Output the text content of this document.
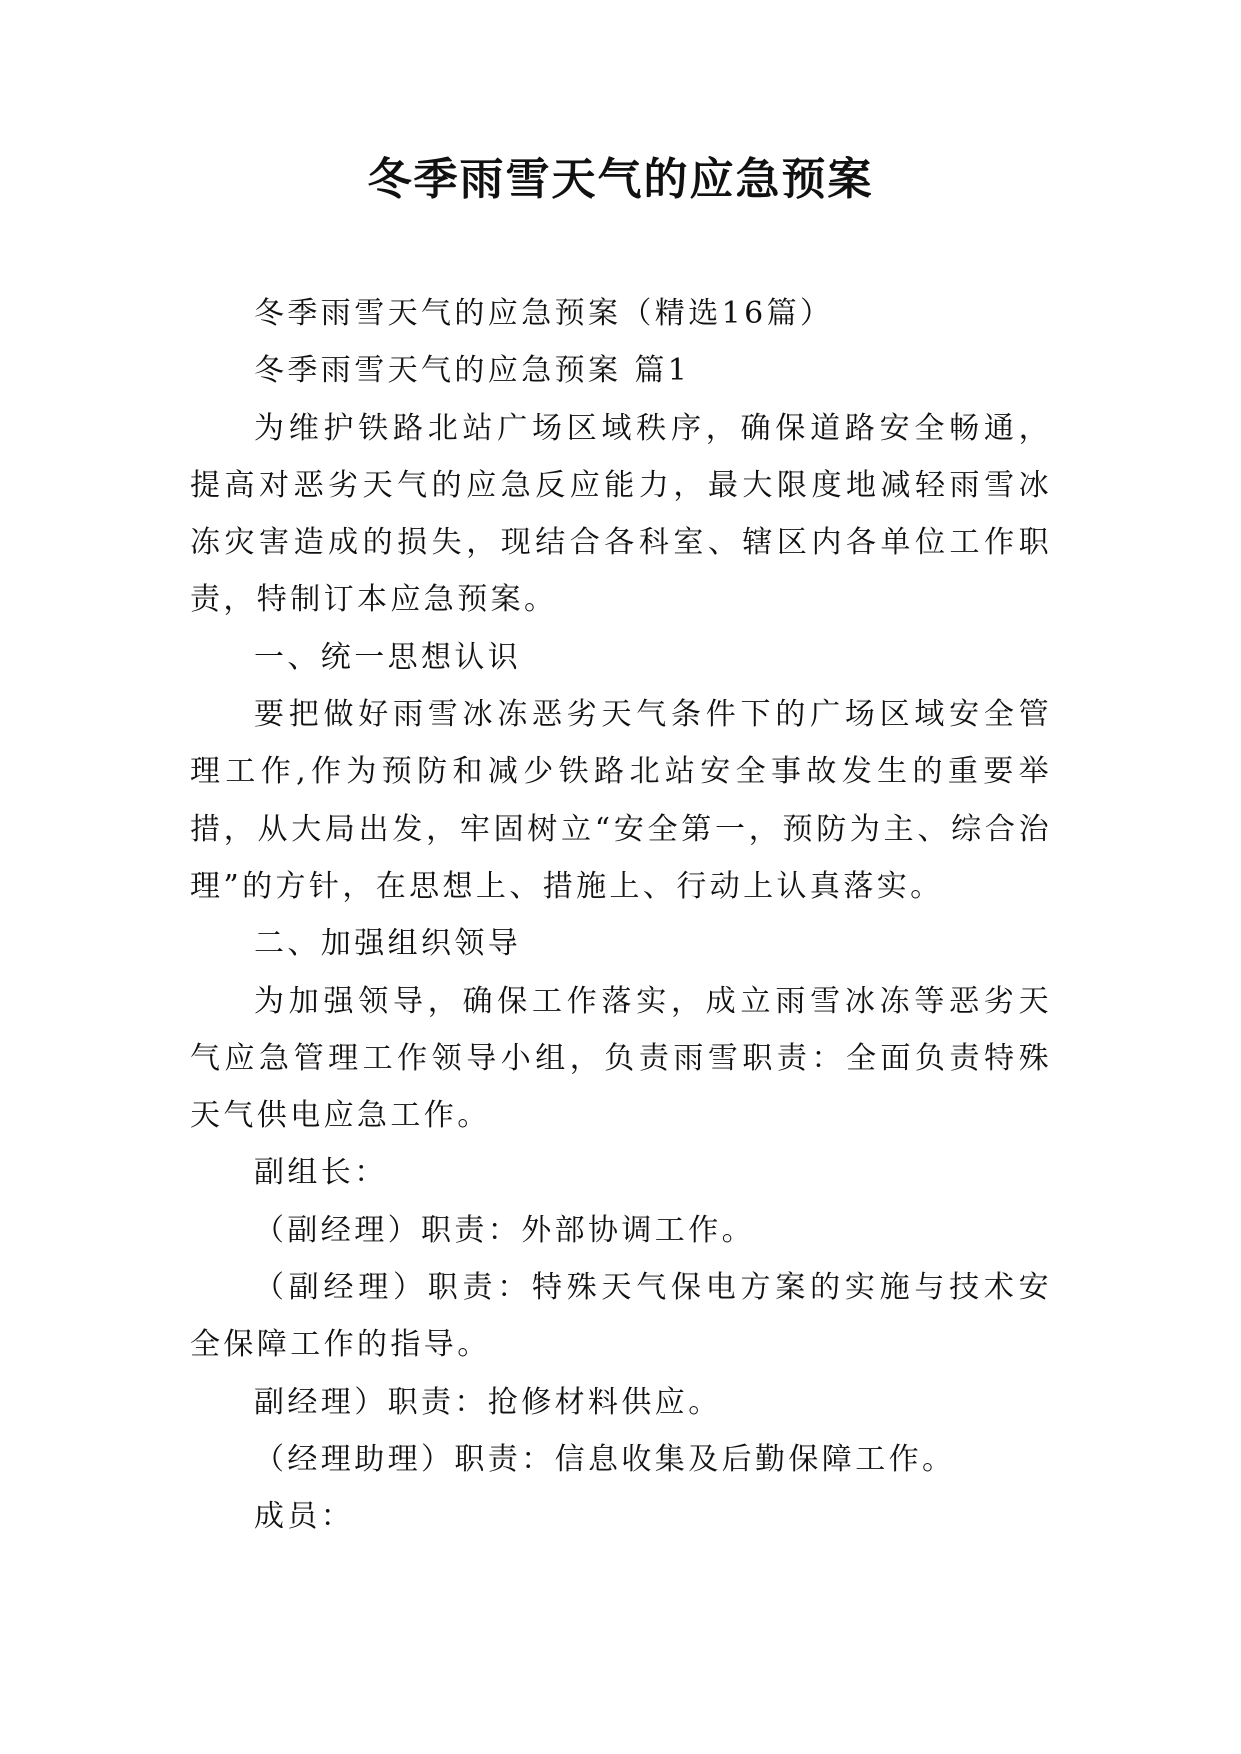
冬季雨雪天气的应急预案

冬季雨雪天气的应急预案（精选16篇）

冬季雨雪天气的应急预案 篇1

为维护铁路北站广场区域秩序，确保道路安全畅通，提高对恶劣天气的应急反应能力，最大限度地减轻雨雪冰冻灾害造成的损失，现结合各科室、辖区内各单位工作职责，特制订本应急预案。

一、统一思想认识

要把做好雨雪冰冻恶劣天气条件下的广场区域安全管理工作,作为预防和减少铁路北站安全事故发生的重要举措，从大局出发，牢固树立“安全第一，预防为主、综合治理”的方针，在思想上、措施上、行动上认真落实。

二、加强组织领导

为加强领导，确保工作落实，成立雨雪冰冻等恶劣天气应急管理工作领导小组，负责雨雪职责：全面负责特殊天气供电应急工作。

副组长：

（副经理）职责：外部协调工作。

（副经理）职责：特殊天气保电方案的实施与技术安全保障工作的指导。

副经理）职责：抢修材料供应。

（经理助理）职责：信息收集及后勤保障工作。

成员：
